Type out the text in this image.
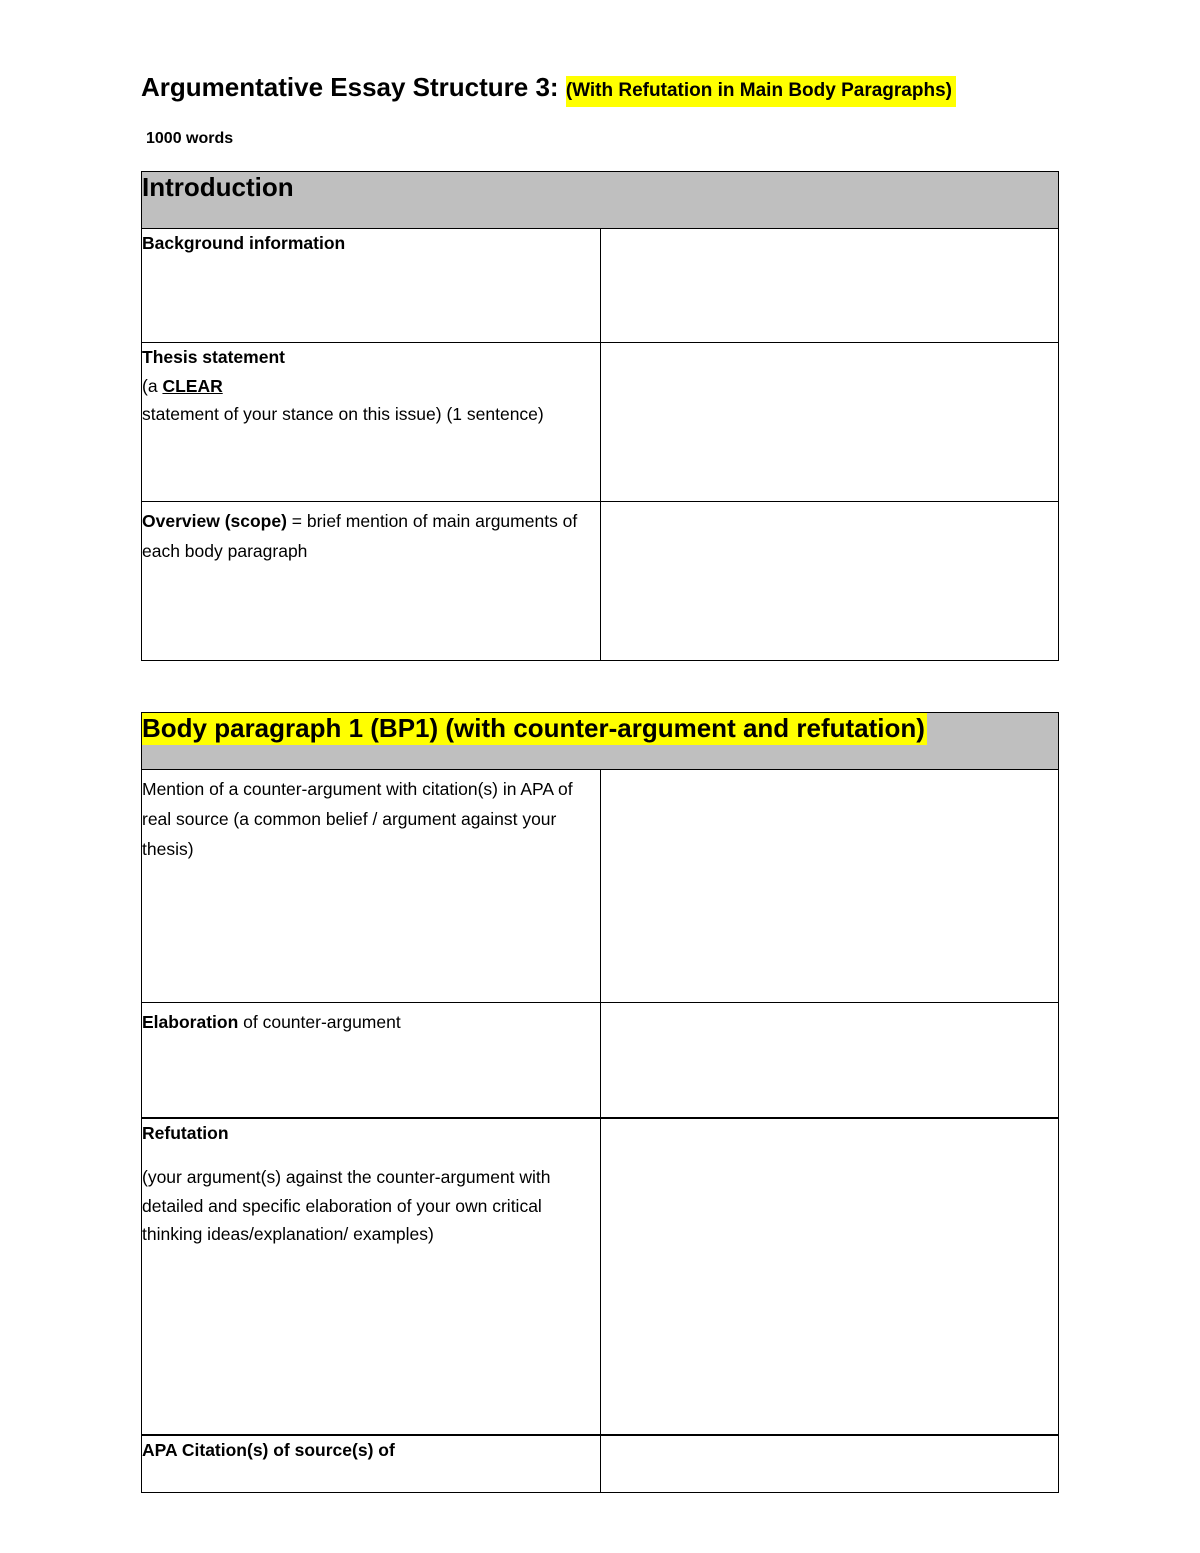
Argumentative Essay Structure 3: (With Refutation in Main Body Paragraphs)
1000 words
Introduction	
Background information	
Thesis statement
(a CLEAR
statement of your stance on this issue) (1 sentence)	
Overview (scope) = brief mention of main arguments of each body paragraph	
Body paragraph 1 (BP1) (with counter-argument and refutation)	
Mention of a counter-argument with citation(s) in APA of real source (a common belief / argument against your thesis)	
Elaboration of counter-argument	
Refutation
(your argument(s) against the counter-argument with detailed and specific elaboration of your own critical thinking ideas/explanation/ examples)	
APA Citation(s) of source(s) of	
